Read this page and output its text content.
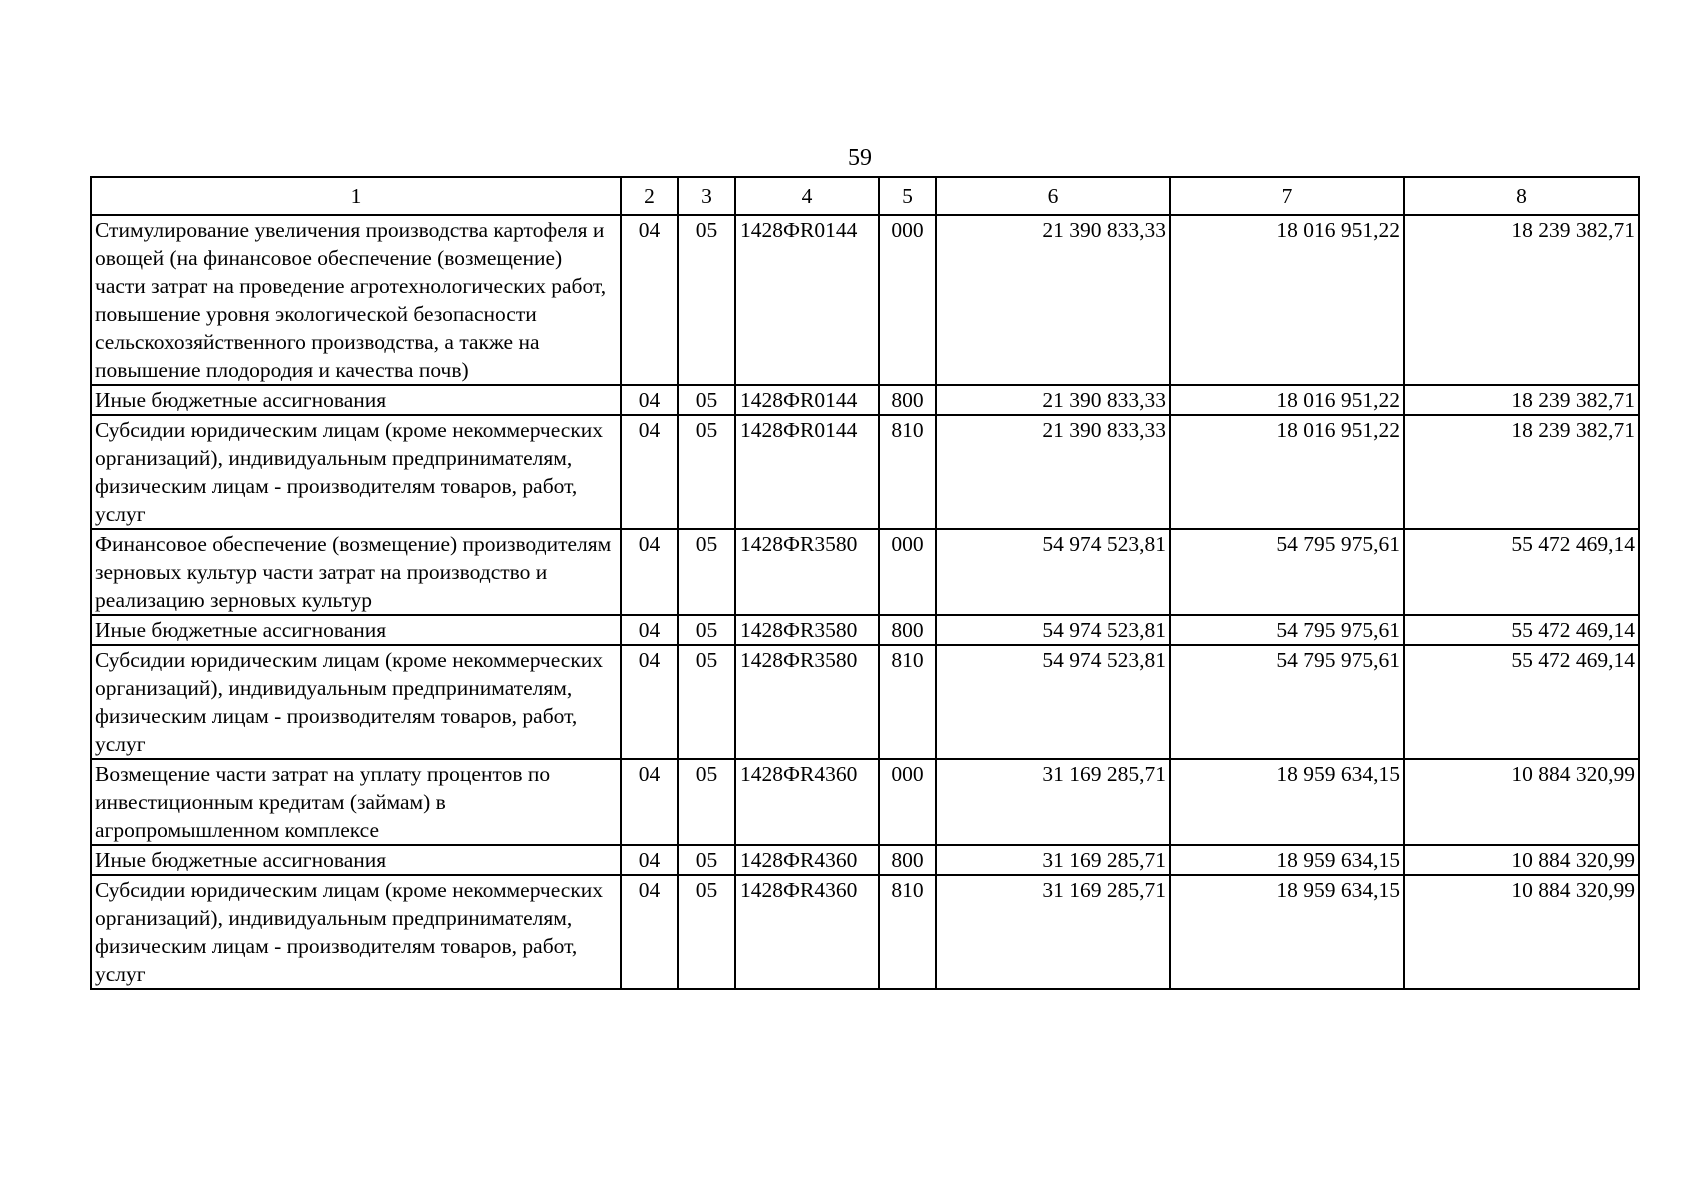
59
1	2	3	4	5	6	7	8
Стимулирование увеличения производства картофеля и овощей (на финансовое обеспечение (возмещение) части затрат на проведение агротехнологических работ, повышение уровня экологической безопасности сельскохозяйственного производства, а также на повышение плодородия и качества почв)	04	05	1428ФR0144	000	21 390 833,33	18 016 951,22	18 239 382,71
Иные бюджетные ассигнования	04	05	1428ФR0144	800	21 390 833,33	18 016 951,22	18 239 382,71
Субсидии юридическим лицам (кроме некоммерческих организаций), индивидуальным предпринимателям, физическим лицам - производителям товаров, работ, услуг	04	05	1428ФR0144	810	21 390 833,33	18 016 951,22	18 239 382,71
Финансовое обеспечение (возмещение) производителям зерновых культур части затрат на производство и реализацию зерновых культур	04	05	1428ФR3580	000	54 974 523,81	54 795 975,61	55 472 469,14
Иные бюджетные ассигнования	04	05	1428ФR3580	800	54 974 523,81	54 795 975,61	55 472 469,14
Субсидии юридическим лицам (кроме некоммерческих организаций), индивидуальным предпринимателям, физическим лицам - производителям товаров, работ, услуг	04	05	1428ФR3580	810	54 974 523,81	54 795 975,61	55 472 469,14
Возмещение части затрат на уплату процентов по инвестиционным кредитам (займам) в агропромышленном комплексе	04	05	1428ФR4360	000	31 169 285,71	18 959 634,15	10 884 320,99
Иные бюджетные ассигнования	04	05	1428ФR4360	800	31 169 285,71	18 959 634,15	10 884 320,99
Субсидии юридическим лицам (кроме некоммерческих организаций), индивидуальным предпринимателям, физическим лицам - производителям товаров, работ, услуг	04	05	1428ФR4360	810	31 169 285,71	18 959 634,15	10 884 320,99
